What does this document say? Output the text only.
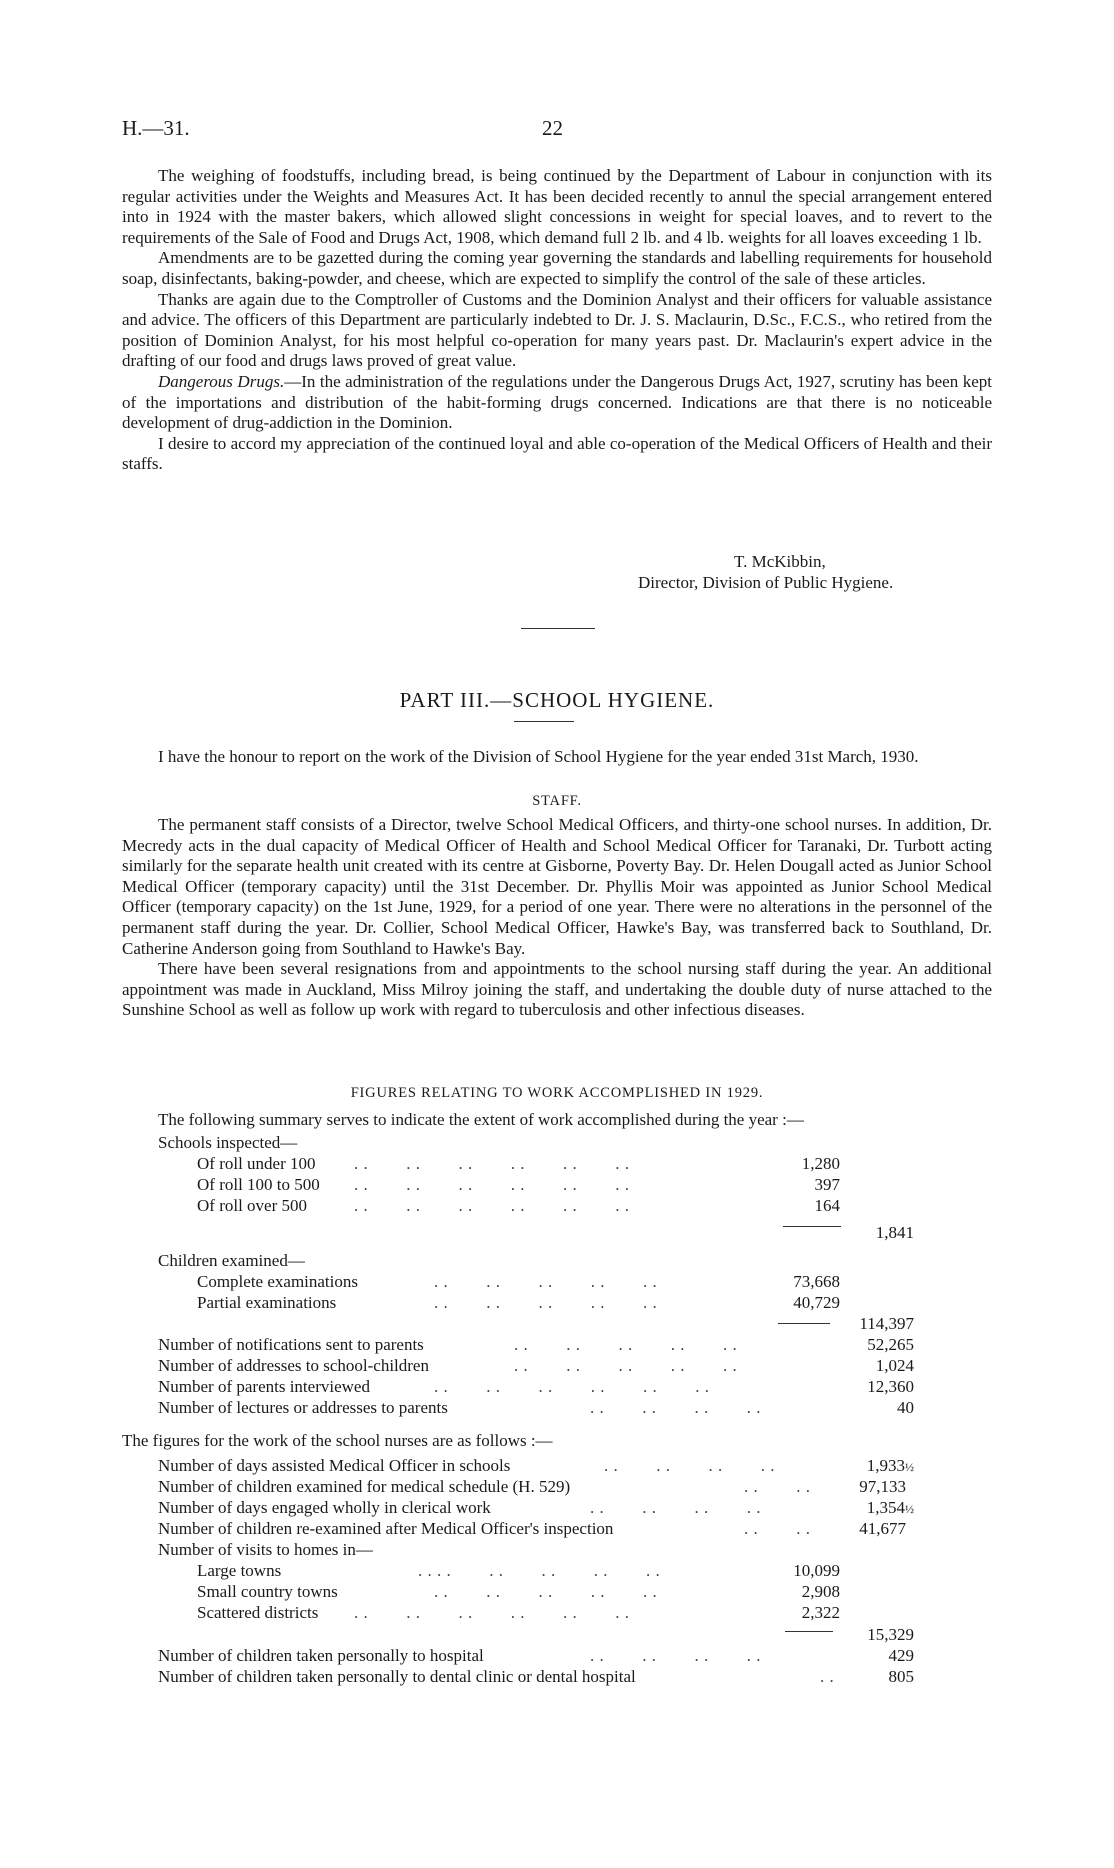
H.—31.	22

The weighing of foodstuffs, including bread, is being continued by the Department of Labour in conjunction with its regular activities under the Weights and Measures Act. It has been decided recently to annul the special arrangement entered into in 1924 with the master bakers, which allowed slight concessions in weight for special loaves, and to revert to the requirements of the Sale of Food and Drugs Act, 1908, which demand full 2 lb. and 4 lb. weights for all loaves exceeding 1 lb.

Amendments are to be gazetted during the coming year governing the standards and labelling requirements for household soap, disinfectants, baking-powder, and cheese, which are expected to simplify the control of the sale of these articles.

Thanks are again due to the Comptroller of Customs and the Dominion Analyst and their officers for valuable assistance and advice. The officers of this Department are particularly indebted to Dr. J. S. Maclaurin, D.Sc., F.C.S., who retired from the position of Dominion Analyst, for his most helpful co-operation for many years past. Dr. Maclaurin's expert advice in the drafting of our food and drugs laws proved of great value.

Dangerous Drugs.—In the administration of the regulations under the Dangerous Drugs Act, 1927, scrutiny has been kept of the importations and distribution of the habit-forming drugs concerned. Indications are that there is no noticeable development of drug-addiction in the Dominion.

I desire to accord my appreciation of the continued loyal and able co-operation of the Medical Officers of Health and their staffs.

T. McKibbin,
Director, Division of Public Hygiene.
PART III.—SCHOOL HYGIENE.

I have the honour to report on the work of the Division of School Hygiene for the year ended 31st March, 1930.

STAFF.

The permanent staff consists of a Director, twelve School Medical Officers, and thirty-one school nurses. In addition, Dr. Mecredy acts in the dual capacity of Medical Officer of Health and School Medical Officer for Taranaki, Dr. Turbott acting similarly for the separate health unit created with its centre at Gisborne, Poverty Bay. Dr. Helen Dougall acted as Junior School Medical Officer (temporary capacity) until the 31st December. Dr. Phyllis Moir was appointed as Junior School Medical Officer (temporary capacity) on the 1st June, 1929, for a period of one year. There were no alterations in the personnel of the permanent staff during the year. Dr. Collier, School Medical Officer, Hawke's Bay, was transferred back to Southland, Dr. Catherine Anderson going from Southland to Hawke's Bay.

There have been several resignations from and appointments to the school nursing staff during the year. An additional appointment was made in Auckland, Miss Milroy joining the staff, and undertaking the double duty of nurse attached to the Sunshine School as well as follow up work with regard to tuberculosis and other infectious diseases.

FIGURES RELATING TO WORK ACCOMPLISHED IN 1929.
The following summary serves to indicate the extent of work accomplished during the year :—
Schools inspected—
Of roll under 100 . .        . .        . .        . .        . .        . .	1,280
Of roll 100 to 500 . .        . .        . .        . .        . .        . .	397
Of roll over 500	. .        . .        . .        . .        . .        . .	164
1,841
Children examined—
Complete examinations	. .        . .        . .        . .        . .	73,668
Partial examinations	. .        . .        . .        . .        . .	40,729
114,397
Number of notifications sent to parents	. .        . .        . .        . .        . .	52,265
Number of addresses to school-children	. .        . .        . .        . .        . .	1,024
Number of parents interviewed	. .        . .        . .        . .        . .        . .	12,360
Number of lectures or addresses to parents	. .        . .        . .        . .	40
The figures for the work of the school nurses are as follows :—
Number of days assisted Medical Officer in schools	. .        . .        . .        . .	1,933½
Number of children examined for medical schedule (H. 529)	. .        . .	97,133
Number of days engaged wholly in clerical work	. .        . .        . .        . .	1,354½
Number of children re-examined after Medical Officer's inspection	. .        . .	41,677
Number of visits to homes in—
Large towns	. . . .        . .        . .        . .        . .	10,099
Small country towns	. .        . .        . .        . .        . .	2,908
Scattered districts . .        . .        . .        . .        . .        . .	2,322
15,329
Number of children taken personally to hospital	. .        . .        . .        . .	429
Number of children taken personally to dental clinic or dental hospital	. .	805
